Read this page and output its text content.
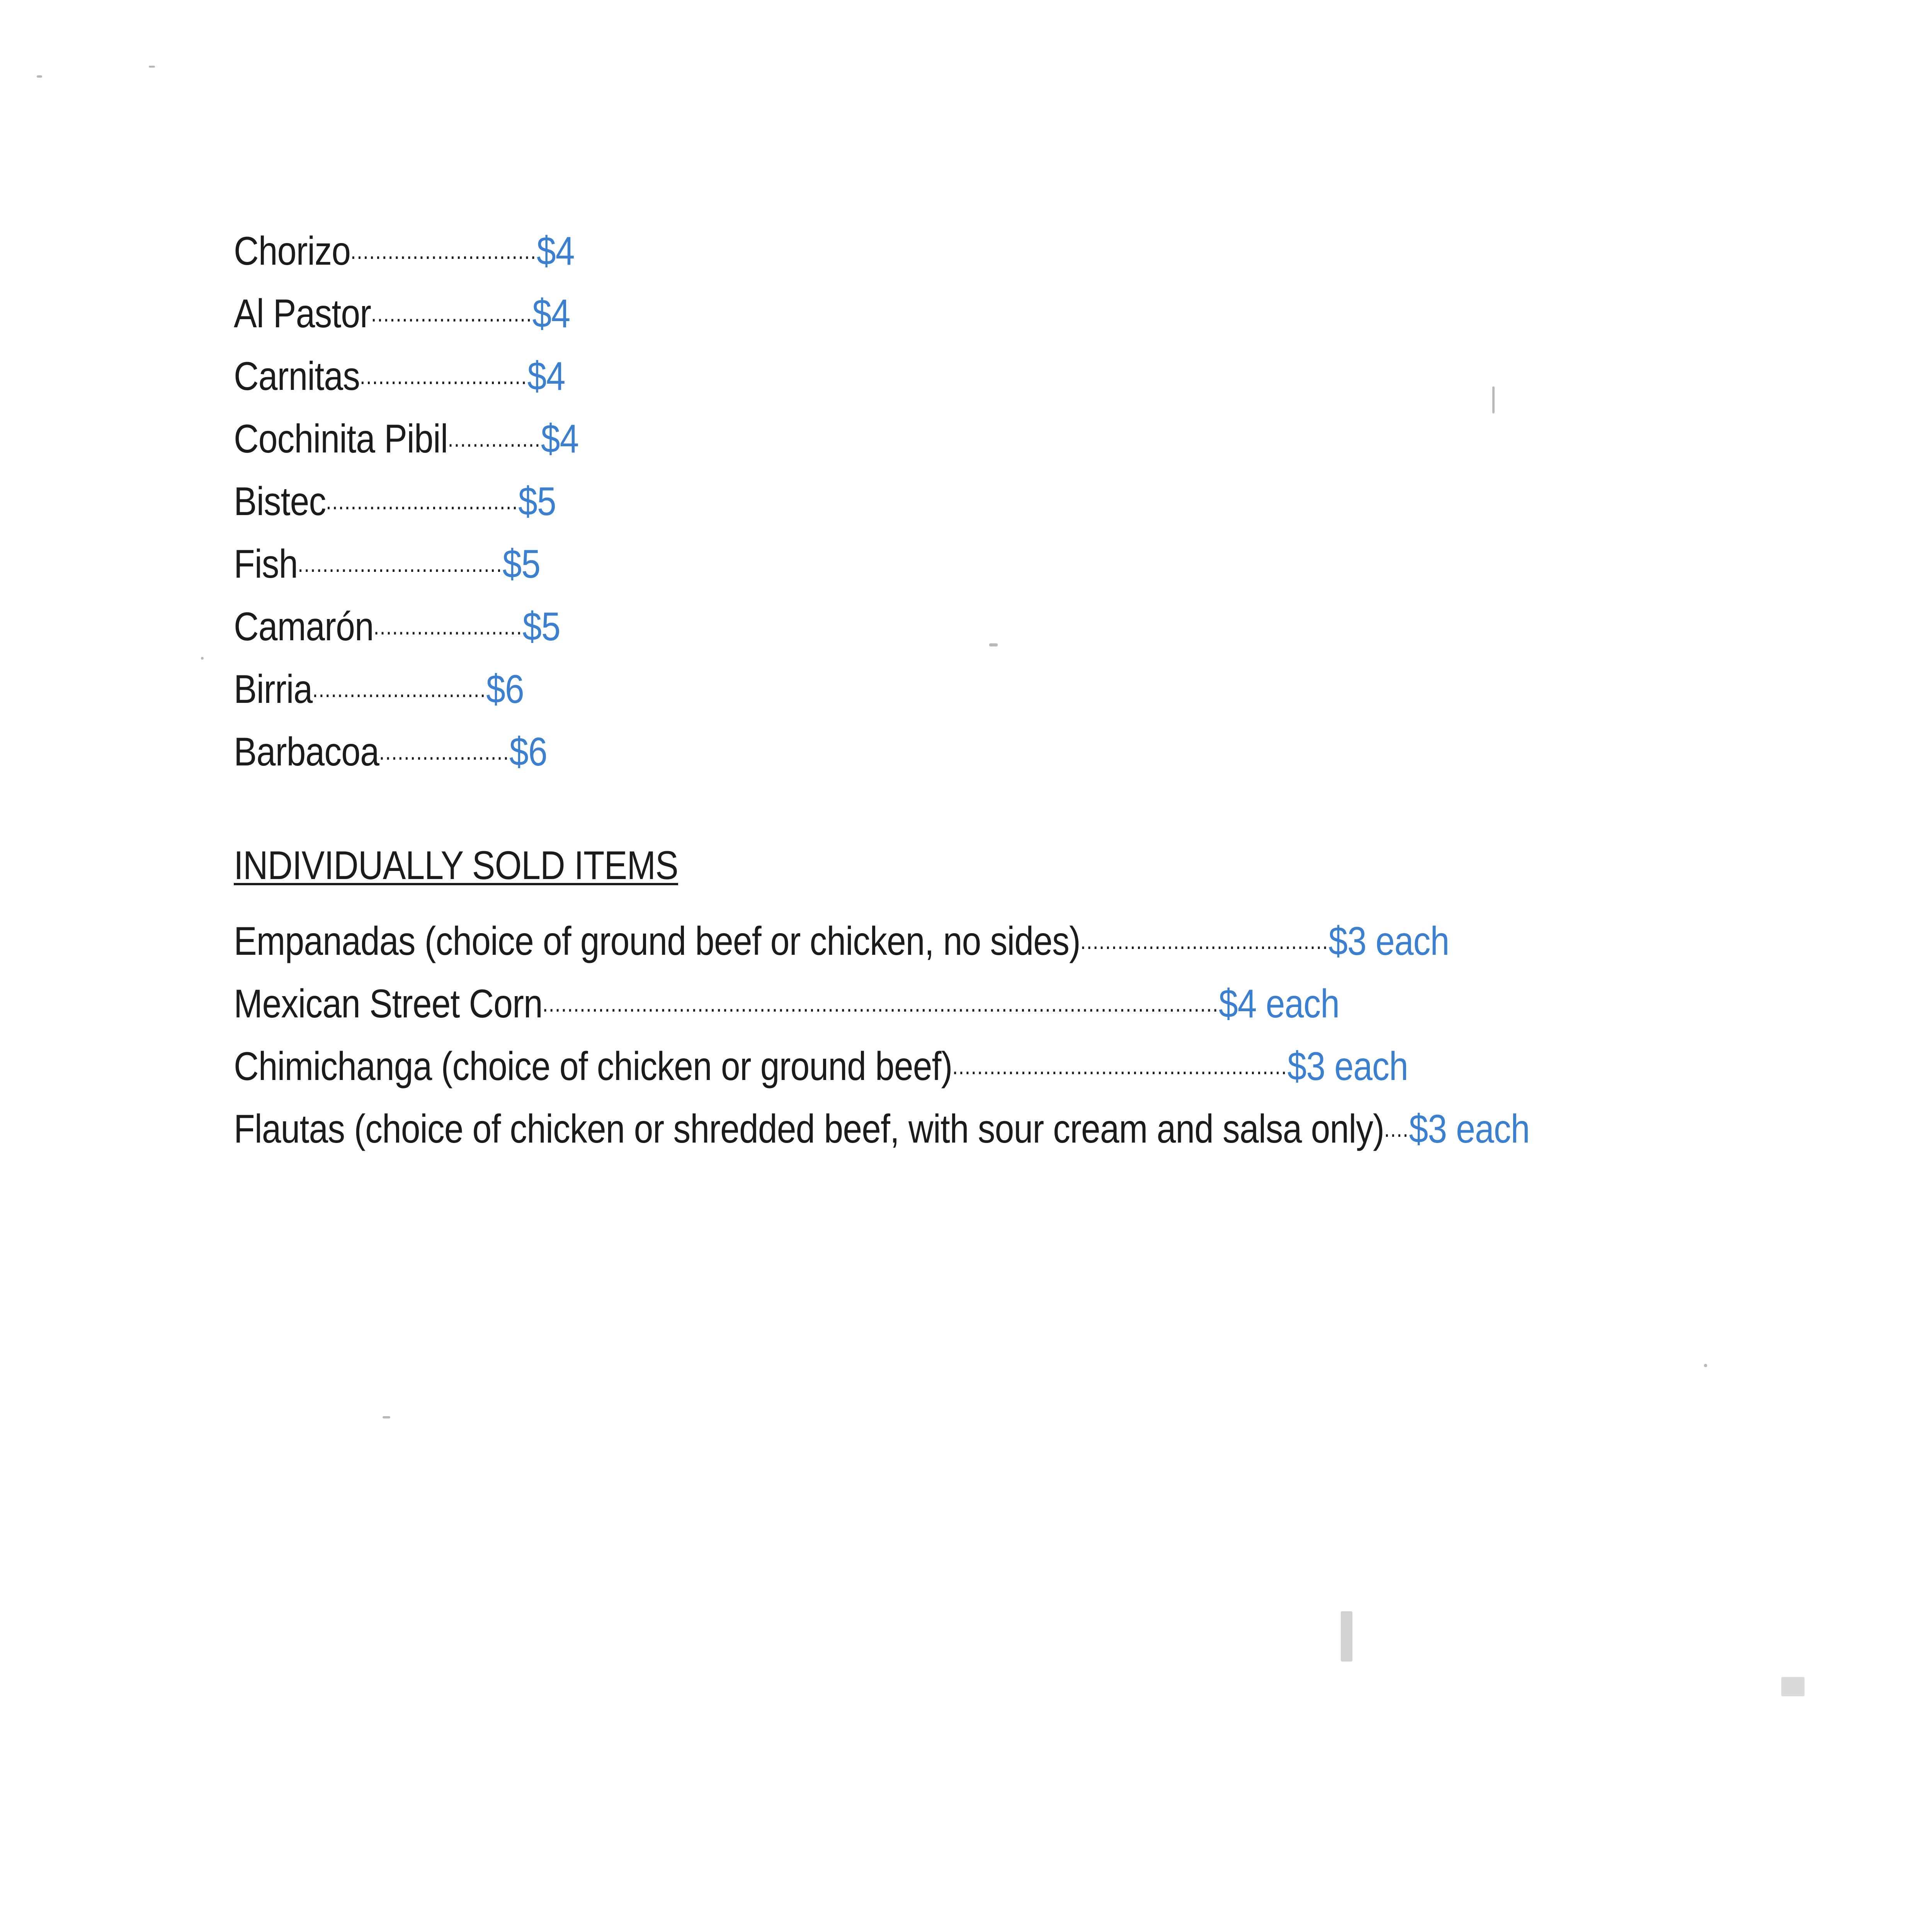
Chorizo .............................. $4
Al Pastor .......................... $4
Carnitas ........................... $4
Cochinita Pibil ............... $4
Bistec ............................... $5
Fish ................................. $5
Camarón ........................ $5
Birria ............................ $6
Barbacoa ..................... $6
INDIVIDUALLY SOLD ITEMS
Empanadas (choice of ground beef or chicken, no sides) ........................................ $3 each
Mexican Street Corn ............................................................................................................. $4 each
Chimichanga (choice of chicken or ground beef) ...................................................... $3 each
Flautas (choice of chicken or shredded beef, with sour cream and salsa only) .... $3 each
